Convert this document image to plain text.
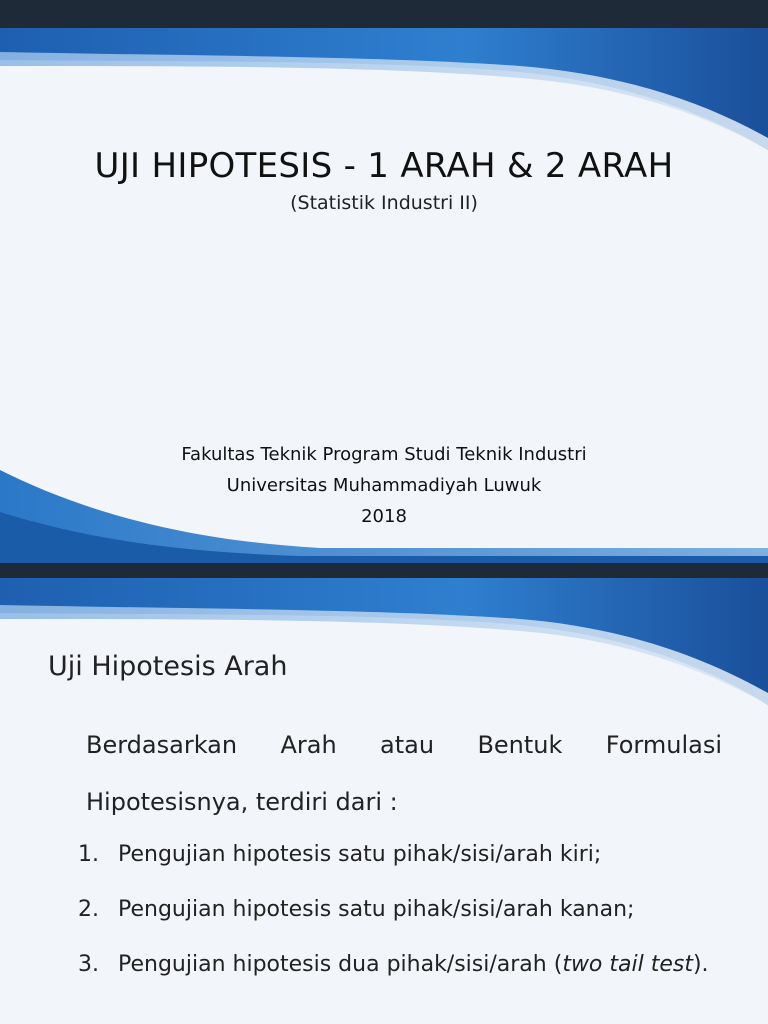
UJI HIPOTESIS - 1 ARAH & 2 ARAH
(Statistik Industri II)
Fakultas Teknik Program Studi Teknik Industri
Universitas Muhammadiyah Luwuk
2018
Uji Hipotesis Arah
Berdasarkan Arah atau Bentuk Formulasi Hipotesisnya, terdiri dari :
1. Pengujian hipotesis satu pihak/sisi/arah kiri;
2. Pengujian hipotesis satu pihak/sisi/arah kanan;
3. Pengujian hipotesis dua pihak/sisi/arah (two tail test).
